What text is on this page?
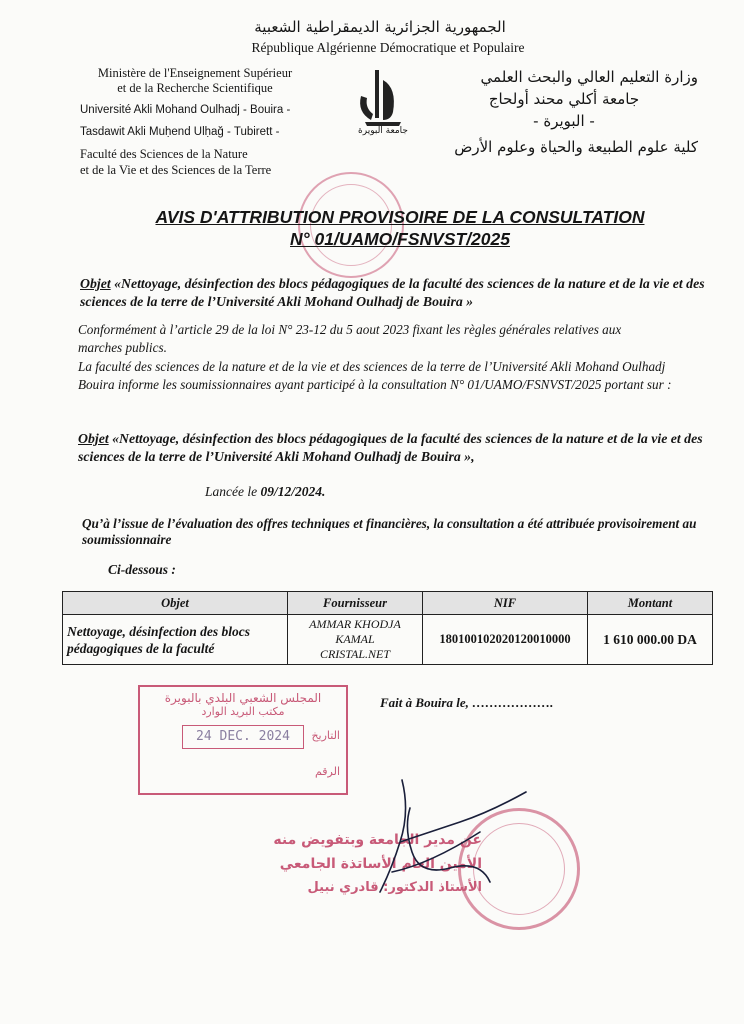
الجمهورية الجزائرية الديمقراطية الشعبية
République Algérienne Démocratique et Populaire
Ministère de l'Enseignement Supérieur
et de la Recherche Scientifique
Université Akli Mohand Oulhadj - Bouira -
Tasdawit Akli Muḥend Ulḥağ - Tubirett -
Faculté des Sciences de la Nature
et de la Vie et des Sciences de la Terre
جامعة البويرة
وزارة التعليم العالي والبحث العلمي
جامعة أكلي محند أولحاج
- البويرة -
كلية علوم الطبيعة والحياة وعلوم الأرض
AVIS D'ATTRIBUTION PROVISOIRE DE LA CONSULTATION
N° 01/UAMO/FSNVST/2025
Objet «Nettoyage, désinfection des blocs pédagogiques de la faculté des sciences de la nature et de la vie et des sciences de la terre de l’Université Akli Mohand Oulhadj de Bouira »
Conformément à l’article 29 de la loi N° 23-12 du 5 aout 2023 fixant les règles générales relatives aux marches publics.
La faculté des sciences de la nature et de la vie et des sciences de la terre de l’Université Akli Mohand Oulhadj Bouira informe les soumissionnaires ayant participé à la consultation N° 01/UAMO/FSNVST/2025 portant sur :
Objet «Nettoyage, désinfection des blocs pédagogiques de la faculté des sciences de la nature et de la vie et des sciences de la terre de l’Université Akli Mohand Oulhadj de Bouira »,
Lancée le 09/12/2024.
Qu’à l’issue de l’évaluation des offres techniques et financières, la consultation a été attribuée provisoirement au soumissionnaire
Ci-dessous :
Objet	Fournisseur	NIF	Montant
Nettoyage, désinfection des blocs pédagogiques de la faculté	AMMAR KHODJA
KAMAL
CRISTAL.NET	180100102020120010000	1 610 000.00 DA
Fait à Bouira le, ……………….
المجلس الشعبي البلدي بالبويرة
مكتب البريد الوارد
24 DEC. 2024	التاريخ
الرقم
عن مدير الجامعة وبتفويض منه
الأمين العام الأساتذة الجامعي
الأستاذ الدكتور: قادري نبيل
